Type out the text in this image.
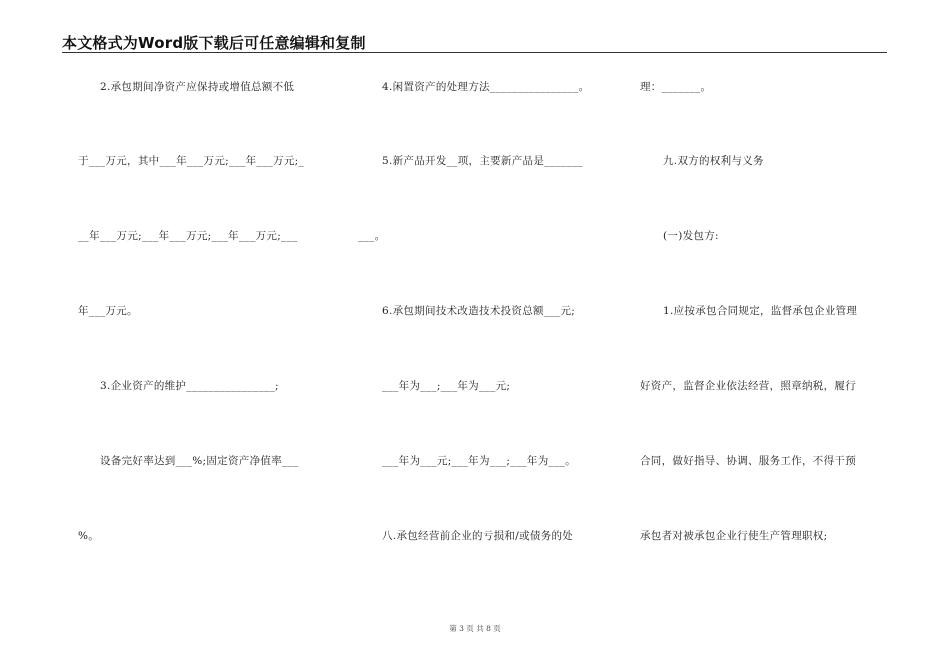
本文格式为Word版下载后可任意编辑和复制
2.承包期间净资产应保持或增值总额不低
于___万元，其中___年___万元;___年___万元;_
__年___万元;___年___万元;___年___万元;___
年___万元。
3.企业资产的维护________________;
设备完好率达到___%;固定资产净值率___
%。
4.闲置资产的处理方法________________。
5.新产品开发__项，主要新产品是_______
___。
6.承包期间技术改造技术投资总额___元;
___年为___;___年为___元;
___年为___元;___年为___;___年为___。
八.承包经营前企业的亏损和/或债务的处
理：_______。
九.双方的权利与义务
(一)发包方:
1.应按承包合同规定，监督承包企业管理
好资产，监督企业依法经营，照章纳税，履行
合同，做好指导、协调、服务工作，不得干预
承包者对被承包企业行使生产管理职权;
第 3 页 共 8 页
